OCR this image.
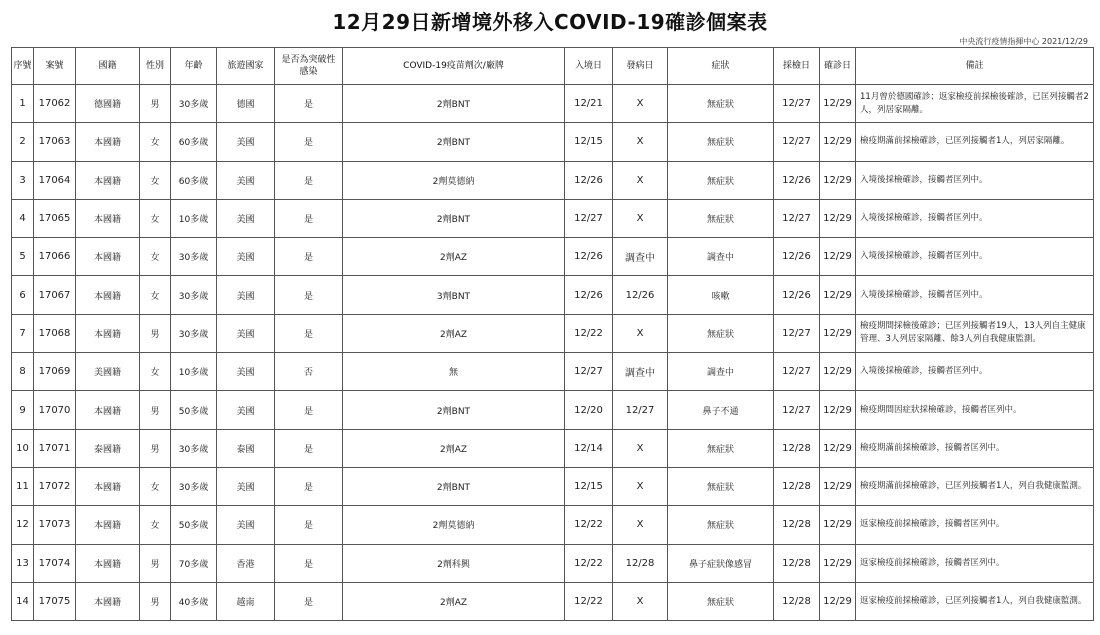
12月29日新增境外移入COVID-19確診個案表
中央流行疫情指揮中心 2021/12/29
序號	案號	國籍	性別	年齡	旅遊國家	是否為突破性感染	COVID-19疫苗劑次/廠牌	入境日	發病日	症狀	採檢日	確診日	備註
1	17062	德國籍	男	30多歲	德國	是	2劑BNT	12/21	X	無症狀	12/27	12/29	11月曾於德國確診；返家檢疫前採檢後確診，已匡列接觸者2人，列居家隔離。
2	17063	本國籍	女	60多歲	美國	是	2劑BNT	12/15	X	無症狀	12/27	12/29	檢疫期滿前採檢確診，已匡列接觸者1人，列居家隔離。
3	17064	本國籍	女	60多歲	美國	是	2劑莫德納	12/26	X	無症狀	12/26	12/29	入境後採檢確診，接觸者匡列中。
4	17065	本國籍	女	10多歲	美國	是	2劑BNT	12/27	X	無症狀	12/27	12/29	入境後採檢確診，接觸者匡列中。
5	17066	本國籍	女	30多歲	美國	是	2劑AZ	12/26	調查中	調查中	12/26	12/29	入境後採檢確診，接觸者匡列中。
6	17067	本國籍	女	30多歲	美國	是	3劑BNT	12/26	12/26	咳嗽	12/26	12/29	入境後採檢確診，接觸者匡列中。
7	17068	本國籍	男	30多歲	美國	是	2劑AZ	12/22	X	無症狀	12/27	12/29	檢疫期間採檢後確診；已匡列接觸者19人，13人列自主健康管理、3人列居家隔離、餘3人列自我健康監測。
8	17069	美國籍	女	10多歲	美國	否	無	12/27	調查中	調查中	12/27	12/29	入境後採檢確診，接觸者匡列中。
9	17070	本國籍	男	50多歲	美國	是	2劑BNT	12/20	12/27	鼻子不通	12/27	12/29	檢疫期間因症狀採檢確診，接觸者匡列中。
10	17071	泰國籍	男	30多歲	泰國	是	2劑AZ	12/14	X	無症狀	12/28	12/29	檢疫期滿前採檢確診，接觸者匡列中。
11	17072	本國籍	女	30多歲	美國	是	2劑BNT	12/15	X	無症狀	12/28	12/29	檢疫期滿前採檢確診，已匡列接觸者1人，列自我健康監測。
12	17073	本國籍	女	50多歲	美國	是	2劑莫德納	12/22	X	無症狀	12/28	12/29	返家檢疫前採檢確診，接觸者匡列中。
13	17074	本國籍	男	70多歲	香港	是	2劑科興	12/22	12/28	鼻子症狀像感冒	12/28	12/29	返家檢疫前採檢確診，接觸者匡列中。
14	17075	本國籍	男	40多歲	越南	是	2劑AZ	12/22	X	無症狀	12/28	12/29	返家檢疫前採檢確診，已匡列接觸者1人，列自我健康監測。
